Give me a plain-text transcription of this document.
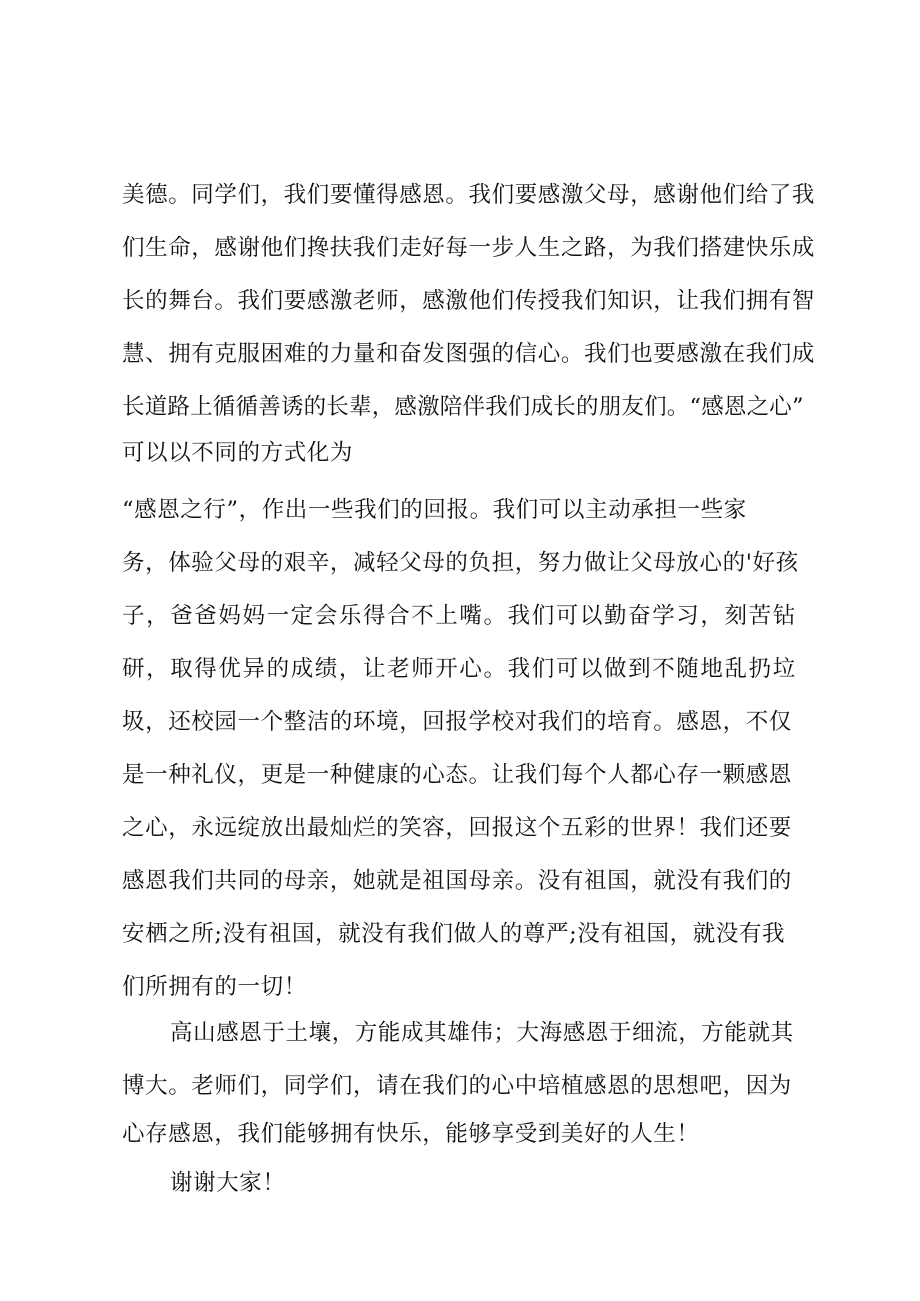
美德。同学们，我们要懂得感恩。我们要感激父母，感谢他们给了我
们生命，感谢他们搀扶我们走好每一步人生之路，为我们搭建快乐成
长的舞台。我们要感激老师，感激他们传授我们知识，让我们拥有智
慧、拥有克服困难的力量和奋发图强的信心。我们也要感激在我们成
长道路上循循善诱的长辈，感激陪伴我们成长的朋友们。“感恩之心”
可以以不同的方式化为
“感恩之行”，作出一些我们的回报。我们可以主动承担一些家
务，体验父母的艰辛，减轻父母的负担，努力做让父母放心的'好孩
子，爸爸妈妈一定会乐得合不上嘴。我们可以勤奋学习，刻苦钻
研，取得优异的成绩，让老师开心。我们可以做到不随地乱扔垃
圾，还校园一个整洁的环境，回报学校对我们的培育。感恩，不仅
是一种礼仪，更是一种健康的心态。让我们每个人都心存一颗感恩
之心，永远绽放出最灿烂的笑容，回报这个五彩的世界！我们还要
感恩我们共同的母亲，她就是祖国母亲。没有祖国，就没有我们的
安栖之所;没有祖国，就没有我们做人的尊严;没有祖国，就没有我
们所拥有的一切！
高山感恩于土壤，方能成其雄伟；大海感恩于细流，方能就其
博大。老师们，同学们，请在我们的心中培植感恩的思想吧，因为
心存感恩，我们能够拥有快乐，能够享受到美好的人生！
谢谢大家！
